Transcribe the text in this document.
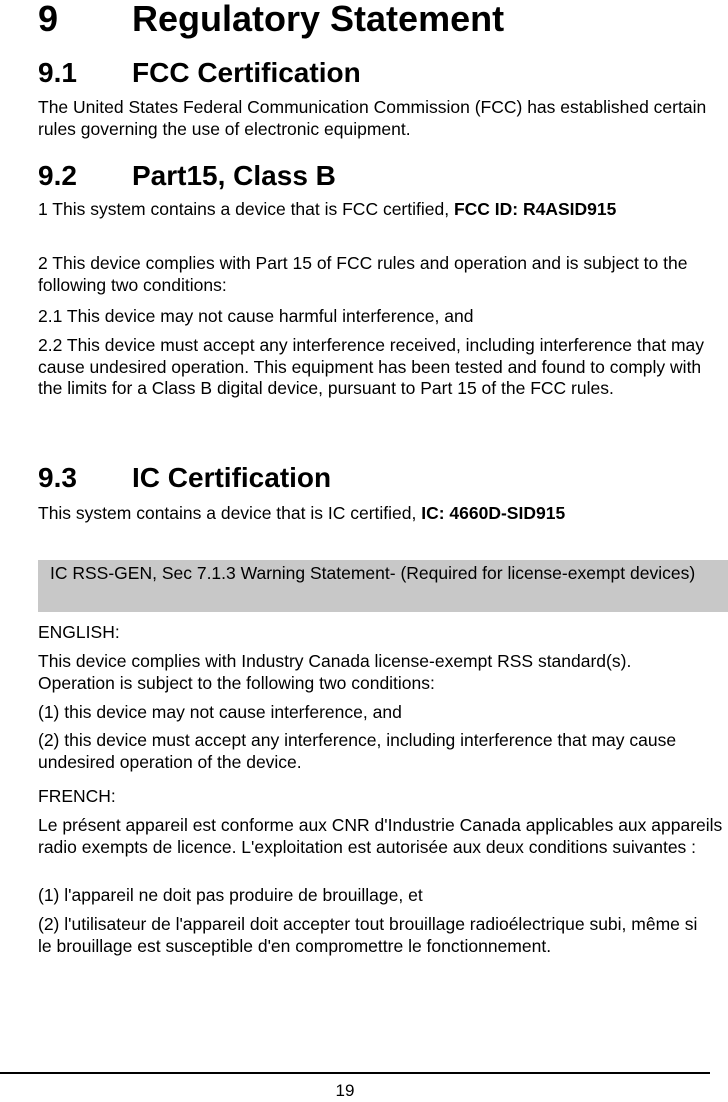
9 Regulatory Statement
9.1 FCC Certification
The United States Federal Communication Commission (FCC) has established certain rules governing the use of electronic equipment.
9.2 Part15, Class B
1 This system contains a device that is FCC certified, FCC ID: R4ASID915
2 This device complies with Part 15 of FCC rules and operation and is subject to the following two conditions:
2.1 This device may not cause harmful interference, and
2.2 This device must accept any interference received, including interference that may cause undesired operation. This equipment has been tested and found to comply with the limits for a Class B digital device, pursuant to Part 15 of the FCC rules.
9.3 IC Certification
This system contains a device that is IC certified, IC: 4660D-SID915
IC RSS-GEN, Sec 7.1.3 Warning Statement- (Required for license-exempt devices)
ENGLISH:
This device complies with Industry Canada license-exempt RSS standard(s). Operation is subject to the following two conditions:
(1) this device may not cause interference, and
(2) this device must accept any interference, including interference that may cause undesired operation of the device.
FRENCH:
Le présent appareil est conforme aux CNR d'Industrie Canada applicables aux appareils radio exempts de licence. L'exploitation est autorisée aux deux conditions suivantes :
(1) l'appareil ne doit pas produire de brouillage, et
(2) l'utilisateur de l'appareil doit accepter tout brouillage radioélectrique subi, même si le brouillage est susceptible d'en compromettre le fonctionnement.
19
